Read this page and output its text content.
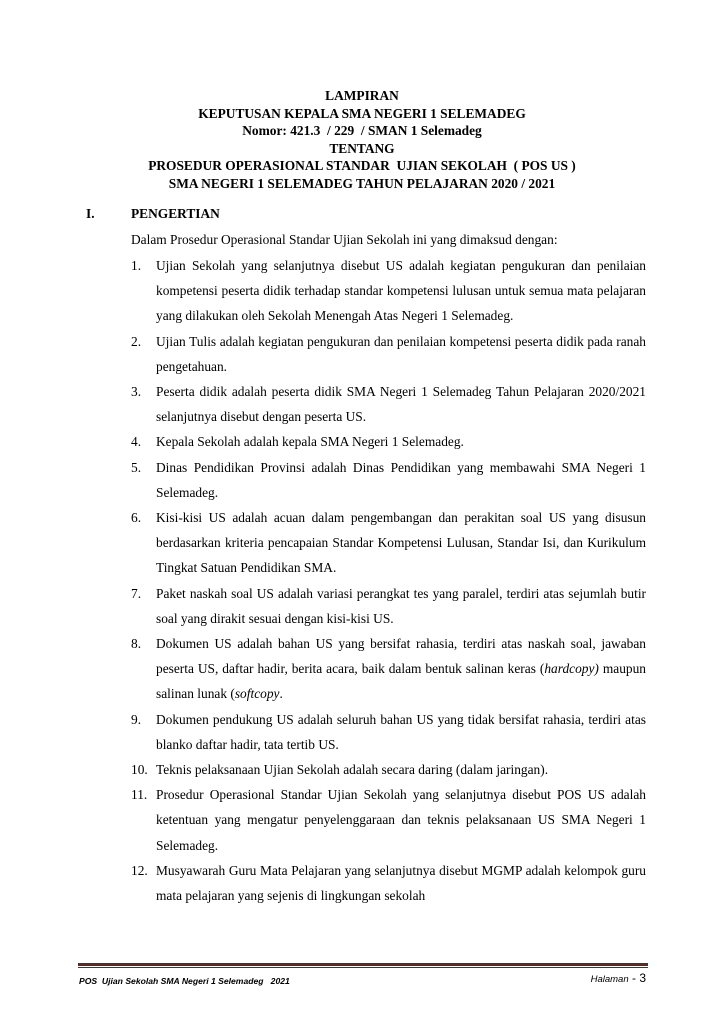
LAMPIRAN
KEPUTUSAN KEPALA SMA NEGERI 1 SELEMADEG
Nomor: 421.3  / 229  / SMAN 1 Selemadeg
TENTANG
PROSEDUR OPERASIONAL STANDAR  UJIAN SEKOLAH  ( POS US )
SMA NEGERI 1 SELEMADEG TAHUN PELAJARAN 2020 / 2021
I.	PENGERTIAN
Dalam Prosedur Operasional Standar Ujian Sekolah ini yang dimaksud dengan:
1. Ujian Sekolah yang selanjutnya disebut US adalah kegiatan pengukuran dan penilaian kompetensi peserta didik terhadap standar kompetensi lulusan untuk semua mata pelajaran yang dilakukan oleh Sekolah Menengah Atas Negeri 1 Selemadeg.
2. Ujian Tulis adalah kegiatan pengukuran dan penilaian kompetensi peserta didik pada ranah pengetahuan.
3. Peserta didik adalah peserta didik SMA Negeri 1 Selemadeg Tahun Pelajaran 2020/2021 selanjutnya disebut dengan peserta US.
4. Kepala Sekolah adalah kepala SMA Negeri 1 Selemadeg.
5. Dinas Pendidikan Provinsi adalah Dinas Pendidikan yang membawahi SMA Negeri 1 Selemadeg.
6. Kisi-kisi US adalah acuan dalam pengembangan dan perakitan soal US yang disusun berdasarkan kriteria pencapaian Standar Kompetensi Lulusan, Standar Isi, dan Kurikulum Tingkat Satuan Pendidikan SMA.
7. Paket naskah soal US adalah variasi perangkat tes yang paralel, terdiri atas sejumlah butir soal yang dirakit sesuai dengan kisi-kisi US.
8. Dokumen US adalah bahan US yang bersifat rahasia, terdiri atas naskah soal, jawaban peserta US, daftar hadir, berita acara, baik dalam bentuk salinan keras (hardcopy) maupun salinan lunak (softcopy.
9. Dokumen pendukung US adalah seluruh bahan US yang tidak bersifat rahasia, terdiri atas blanko daftar hadir, tata tertib US.
10. Teknis pelaksanaan Ujian Sekolah adalah secara daring (dalam jaringan).
11. Prosedur Operasional Standar Ujian Sekolah yang selanjutnya disebut POS US adalah ketentuan yang mengatur penyelenggaraan dan teknis pelaksanaan US SMA Negeri 1 Selemadeg.
12. Musyawarah Guru Mata Pelajaran yang selanjutnya disebut MGMP adalah kelompok guru mata pelajaran yang sejenis di lingkungan sekolah
POS  Ujian Sekolah SMA Negeri 1 Selemadeg   2021	Halaman - 3
